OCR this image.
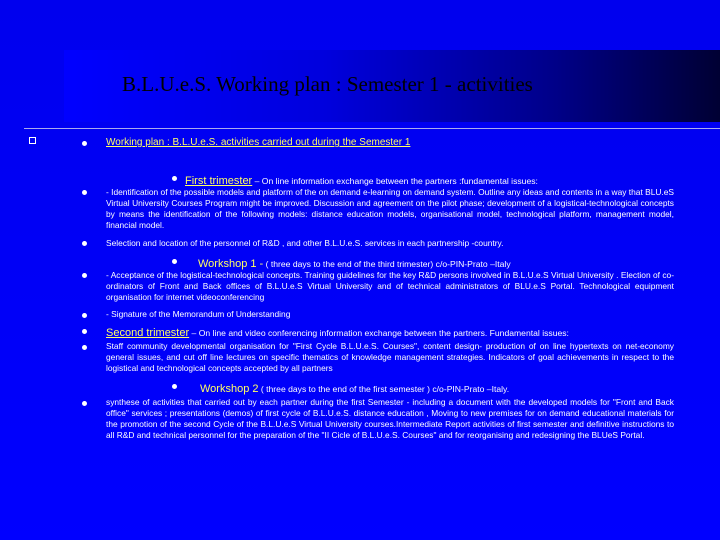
B.L.U.e.S. Working plan : Semester 1 - activities
Working plan : B.L.U.e.S. activities carried out during the Semester 1
First trimester – On line information exchange between the partners :fundamental issues:
- Identification of the possible models and platform of the on demand e-learning on demand system. Outline any ideas and contents in a way that BLU.eS Virtual University Courses Program might be improved. Discussion and agreement on the pilot phase; development of a logistical-technological concepts by means the identification of the following models: distance education models, organisational model, technological platform, management model, financial model.
Selection and location of the personnel of R&D , and other B.L.U.e.S. services in each partnership -country.
Workshop 1 - ( three days to the end of the third trimester) c/o-PIN-Prato –Italy
- Acceptance of the logistical-technological concepts. Training guidelines for the key R&D persons involved in B.L.U.e.S Virtual University . Election of co-ordinators of Front and Back offices of B.L.U.e.S Virtual University and of technical administrators of BLU.e.S Portal. Technological equipment organisation for internet videoconferencing
- Signature of the Memorandum of Understanding
Second trimester – On line and video conferencing information exchange between the partners. Fundamental issues:
Staff community developmental organisation for "First Cycle B.L.U.e.S. Courses", content design- production of on line hypertexts on net-economy general issues, and cut off line lectures on specific thematics of knowledge management strategies. Indicators of goal achievements in respect to the logistical and technological concepts accepted by all partners
Workshop 2 ( three days to the end of the first semester ) c/o-PIN-Prato –Italy.
synthese of activities that carried out by each partner during the first Semester - including a document with the developed models for "Front and Back office" services ; presentations (demos) of first cycle of B.L.U.e.S. distance education , Moving to new premises for on demand educational materials for the promotion of the second Cycle of the B.L.U.e.S Virtual University courses.Intermediate Report activities of first semester and definitive instructions to all R&D and technical personnel for the preparation of the "II Cicle of B.L.U.e.S. Courses" and for reorganising and redesigning the BLUeS Portal.
